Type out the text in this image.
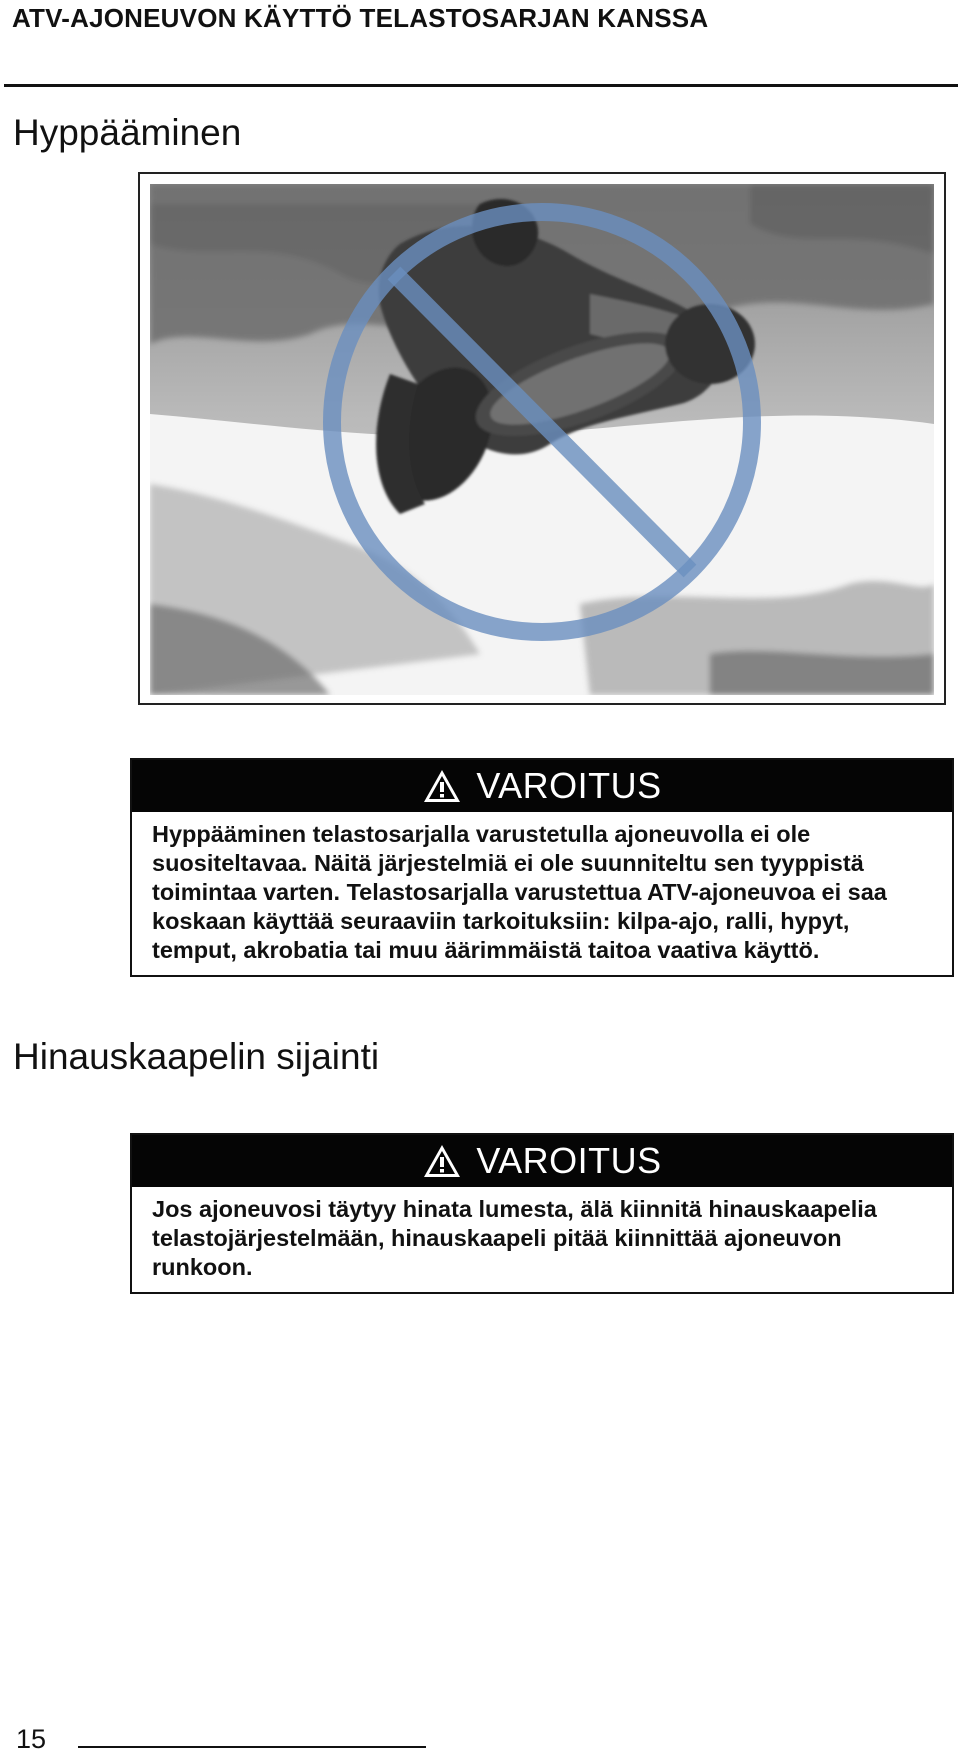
ATV-AJONEUVON KÄYTTÖ TELASTOSARJAN KANSSA
Hyppääminen
VAROITUS
Hyppääminen telastosarjalla varustetulla ajoneuvolla ei ole suositeltavaa. Näitä järjestelmiä ei ole suunniteltu sen tyyppistä toimintaa varten. Telastosarjalla varustettua ATV-ajoneuvoa ei saa koskaan käyttää seuraaviin tarkoituksiin: kilpa-ajo, ralli, hypyt, temput, akrobatia tai muu äärimmäistä taitoa vaativa käyttö.
Hinauskaapelin sijainti
VAROITUS
Jos ajoneuvosi täytyy hinata lumesta, älä kiinnitä hinauskaapelia telastojärjestelmään, hinauskaapeli pitää kiinnittää ajoneuvon runkoon.
15
